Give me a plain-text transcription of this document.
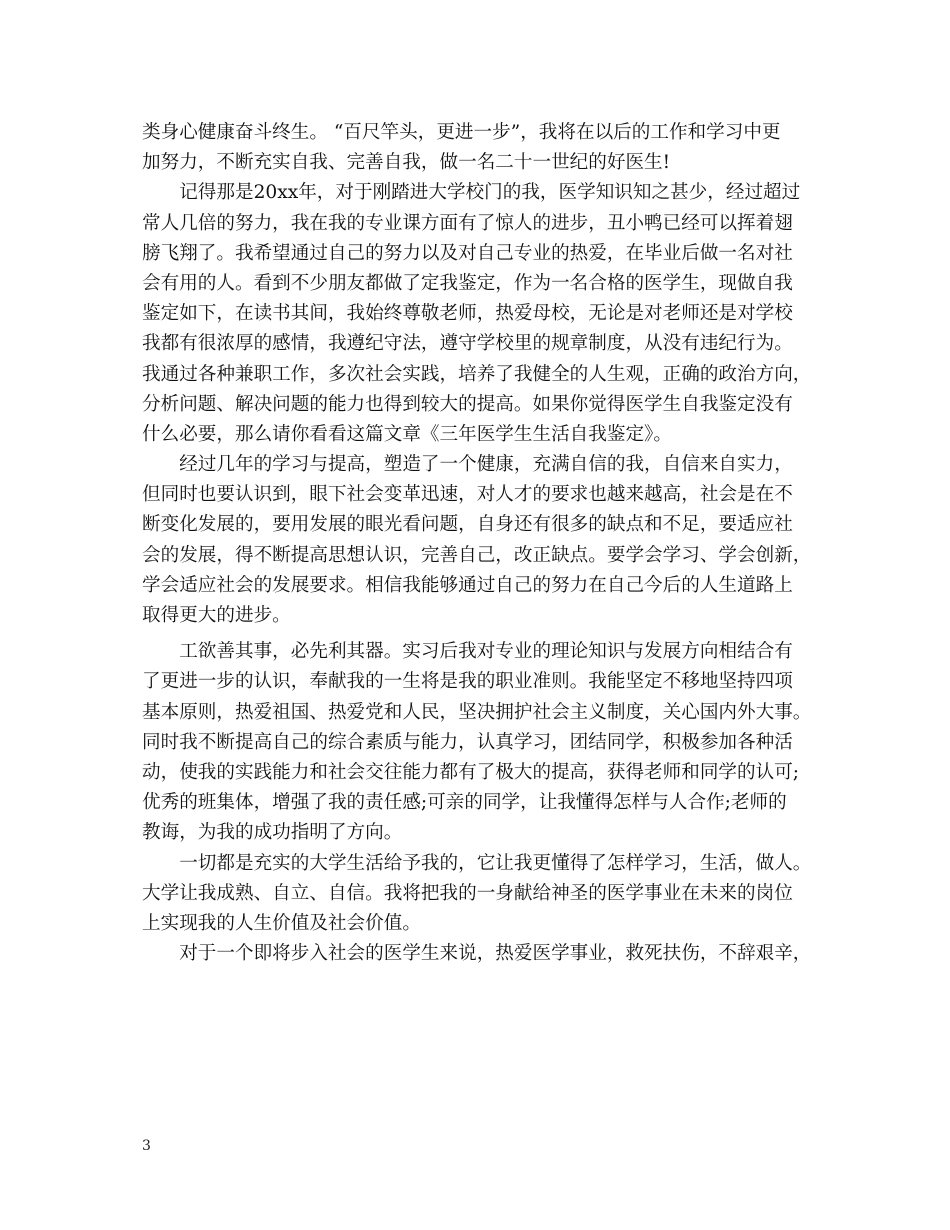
类身心健康奋斗终生。 “百尺竿头，更进一步”，我将在以后的工作和学习中更
加努力，不断充实自我、完善自我，做一名二十一世纪的好医生!
　　记得那是20xx年，对于刚踏进大学校门的我，医学知识知之甚少，经过超过
常人几倍的努力，我在我的专业课方面有了惊人的进步，丑小鸭已经可以挥着翅
膀飞翔了。我希望通过自己的努力以及对自己专业的热爱，在毕业后做一名对社
会有用的人。看到不少朋友都做了定我鉴定，作为一名合格的医学生，现做自我
鉴定如下，在读书其间，我始终尊敬老师，热爱母校，无论是对老师还是对学校
我都有很浓厚的感情，我遵纪守法，遵守学校里的规章制度，从没有违纪行为。
我通过各种兼职工作，多次社会实践，培养了我健全的人生观，正确的政治方向，
分析问题、解决问题的能力也得到较大的提高。如果你觉得医学生自我鉴定没有
什么必要，那么请你看看这篇文章《三年医学生生活自我鉴定》。
　　经过几年的学习与提高，塑造了一个健康，充满自信的我，自信来自实力，
但同时也要认识到，眼下社会变革迅速，对人才的要求也越来越高，社会是在不
断变化发展的，要用发展的眼光看问题，自身还有很多的缺点和不足，要适应社
会的发展，得不断提高思想认识，完善自己，改正缺点。要学会学习、学会创新，
学会适应社会的发展要求。相信我能够通过自己的努力在自己今后的人生道路上
取得更大的进步。
　　工欲善其事，必先利其器。实习后我对专业的理论知识与发展方向相结合有
了更进一步的认识，奉献我的一生将是我的职业准则。我能坚定不移地坚持四项
基本原则，热爱祖国、热爱党和人民，坚决拥护社会主义制度，关心国内外大事。
同时我不断提高自己的综合素质与能力，认真学习，团结同学，积极参加各种活
动，使我的实践能力和社会交往能力都有了极大的提高，获得老师和同学的认可;
优秀的班集体，增强了我的责任感;可亲的同学，让我懂得怎样与人合作;老师的
教诲，为我的成功指明了方向。
　　一切都是充实的大学生活给予我的，它让我更懂得了怎样学习，生活，做人。
大学让我成熟、自立、自信。我将把我的一身献给神圣的医学事业在未来的岗位
上实现我的人生价值及社会价值。
　　对于一个即将步入社会的医学生来说，热爱医学事业，救死扶伤，不辞艰辛，
3
